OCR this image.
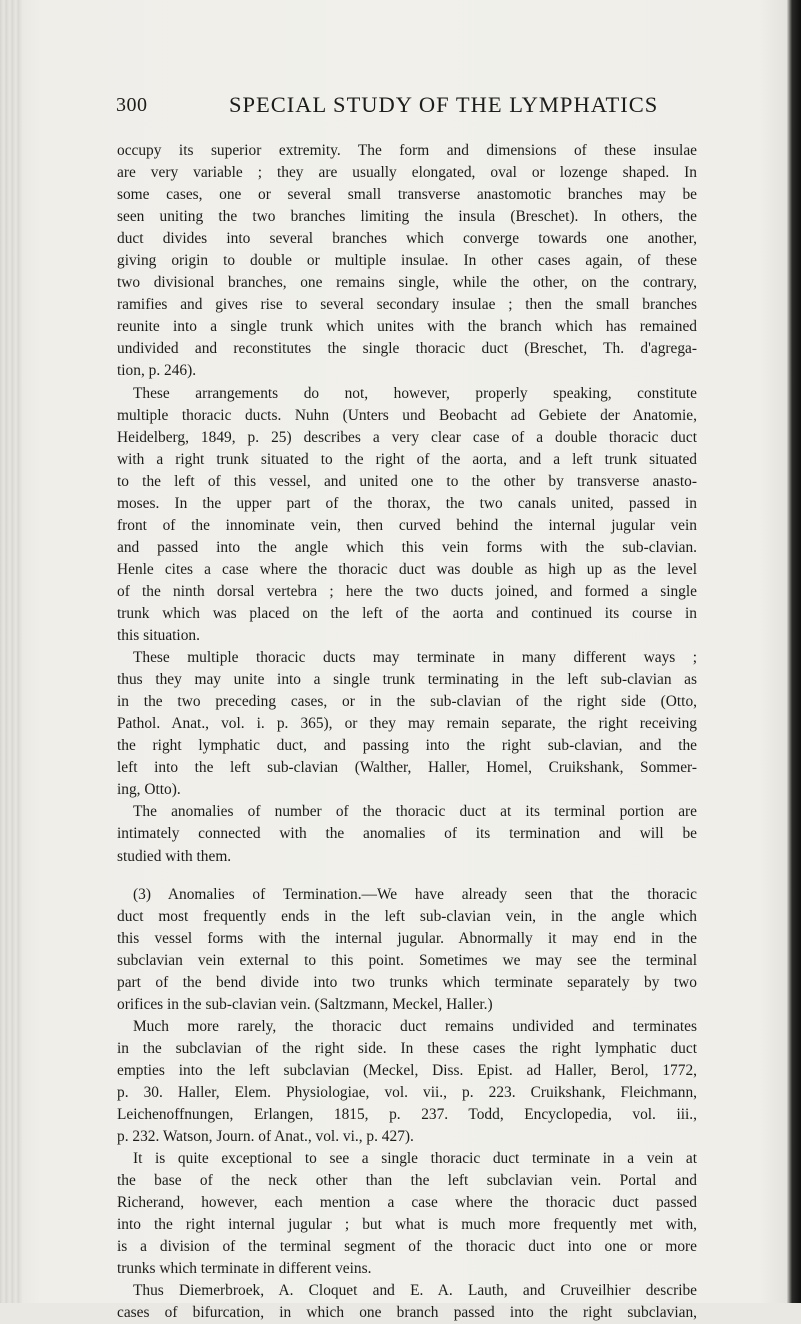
300	SPECIAL STUDY OF THE LYMPHATICS
occupy its superior extremity. The form and dimensions of these insulae
are very variable ; they are usually elongated, oval or lozenge shaped. In
some cases, one or several small transverse anastomotic branches may be
seen uniting the two branches limiting the insula (Breschet). In others, the
duct divides into several branches which converge towards one another,
giving origin to double or multiple insulae. In other cases again, of these
two divisional branches, one remains single, while the other, on the contrary,
ramifies and gives rise to several secondary insulae ; then the small branches
reunite into a single trunk which unites with the branch which has remained
undivided and reconstitutes the single thoracic duct (Breschet, Th. d'agrega-
tion, p. 246).
These arrangements do not, however, properly speaking, constitute
multiple thoracic ducts. Nuhn (Unters und Beobacht ad Gebiete der Anatomie,
Heidelberg, 1849, p. 25) describes a very clear case of a double thoracic duct
with a right trunk situated to the right of the aorta, and a left trunk situated
to the left of this vessel, and united one to the other by transverse anasto-
moses. In the upper part of the thorax, the two canals united, passed in
front of the innominate vein, then curved behind the internal jugular vein
and passed into the angle which this vein forms with the sub-clavian.
Henle cites a case where the thoracic duct was double as high up as the level
of the ninth dorsal vertebra ; here the two ducts joined, and formed a single
trunk which was placed on the left of the aorta and continued its course in
this situation.
These multiple thoracic ducts may terminate in many different ways ;
thus they may unite into a single trunk terminating in the left sub-clavian as
in the two preceding cases, or in the sub-clavian of the right side (Otto,
Pathol. Anat., vol. i. p. 365), or they may remain separate, the right receiving
the right lymphatic duct, and passing into the right sub-clavian, and the
left into the left sub-clavian (Walther, Haller, Homel, Cruikshank, Sommer-
ing, Otto).
The anomalies of number of the thoracic duct at its terminal portion are
intimately connected with the anomalies of its termination and will be
studied with them.
(3) Anomalies of Termination.—We have already seen that the thoracic
duct most frequently ends in the left sub-clavian vein, in the angle which
this vessel forms with the internal jugular. Abnormally it may end in the
subclavian vein external to this point. Sometimes we may see the terminal
part of the bend divide into two trunks which terminate separately by two
orifices in the sub-clavian vein. (Saltzmann, Meckel, Haller.)
Much more rarely, the thoracic duct remains undivided and terminates
in the subclavian of the right side. In these cases the right lymphatic duct
empties into the left subclavian (Meckel, Diss. Epist. ad Haller, Berol, 1772,
p. 30. Haller, Elem. Physiologiae, vol. vii., p. 223. Cruikshank, Fleichmann,
Leichenoffnungen, Erlangen, 1815, p. 237. Todd, Encyclopedia, vol. iii.,
p. 232. Watson, Journ. of Anat., vol. vi., p. 427).
It is quite exceptional to see a single thoracic duct terminate in a vein at
the base of the neck other than the left subclavian vein. Portal and
Richerand, however, each mention a case where the thoracic duct passed
into the right internal jugular ; but what is much more frequently met with,
is a division of the terminal segment of the thoracic duct into one or more
trunks which terminate in different veins.
Thus Diemerbroek, A. Cloquet and E. A. Lauth, and Cruveilhier describe
cases of bifurcation, in which one branch passed into the right subclavian,
